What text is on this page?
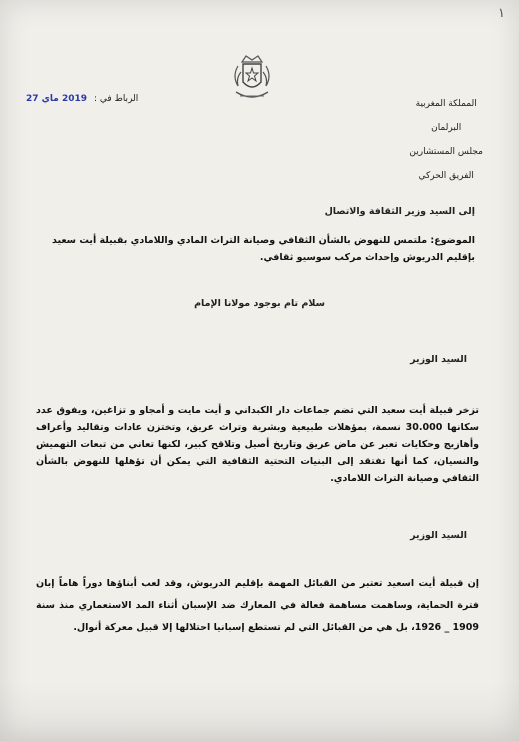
١
الرباط في : 2019 ماي 27	المملكة المغربية
البرلمان
مجلس المستشارين
الفريق الحركي
إلى السيد وزير الثقافة والاتصال
الموضوع: ملتمس للنهوض بالشأن الثقافي وصيانة التراث المادي واللامادي بقبيلة أيت سعيد بإقليم الدريوش وإحداث مركب سوسيو ثقافي.
سلام تام بوجود مولانا الإمام
السيد الوزير
تزخر قبيلة أيت سعيد التي تضم جماعات دار الكبداني و أيت مايت و أمجاو و تزاغين، ويفوق عدد سكانها 30.000 نسمة، بمؤهلات طبيعية وبشرية وتراث عريق، وتختزن عادات وتقاليد وأعراف وأهازيج وحكايات تعبر عن ماض عريق وتاريخ أصيل وتلاقح كبير، لكنها تعاني من تبعات التهميش والنسيان، كما أنها تفتقد إلى البنيات التحتية الثقافية التي يمكن أن تؤهلها للنهوض بالشأن الثقافي وصيانة التراث اللامادي.
السيد الوزير
إن قبيلة أيت اسعيد تعتبر من القبائل المهمة بإقليم الدريوش، وقد لعب أبناؤها دوراً هاماً إبان فترة الحماية، وساهمت مساهمة فعالة في المعارك ضد الإسبان أثناء المد الاستعماري منذ سنة 1909 _ 1926، بل هي من القبائل التي لم تستطع إسبانيا احتلالها إلا قبيل معركة أنوال.
